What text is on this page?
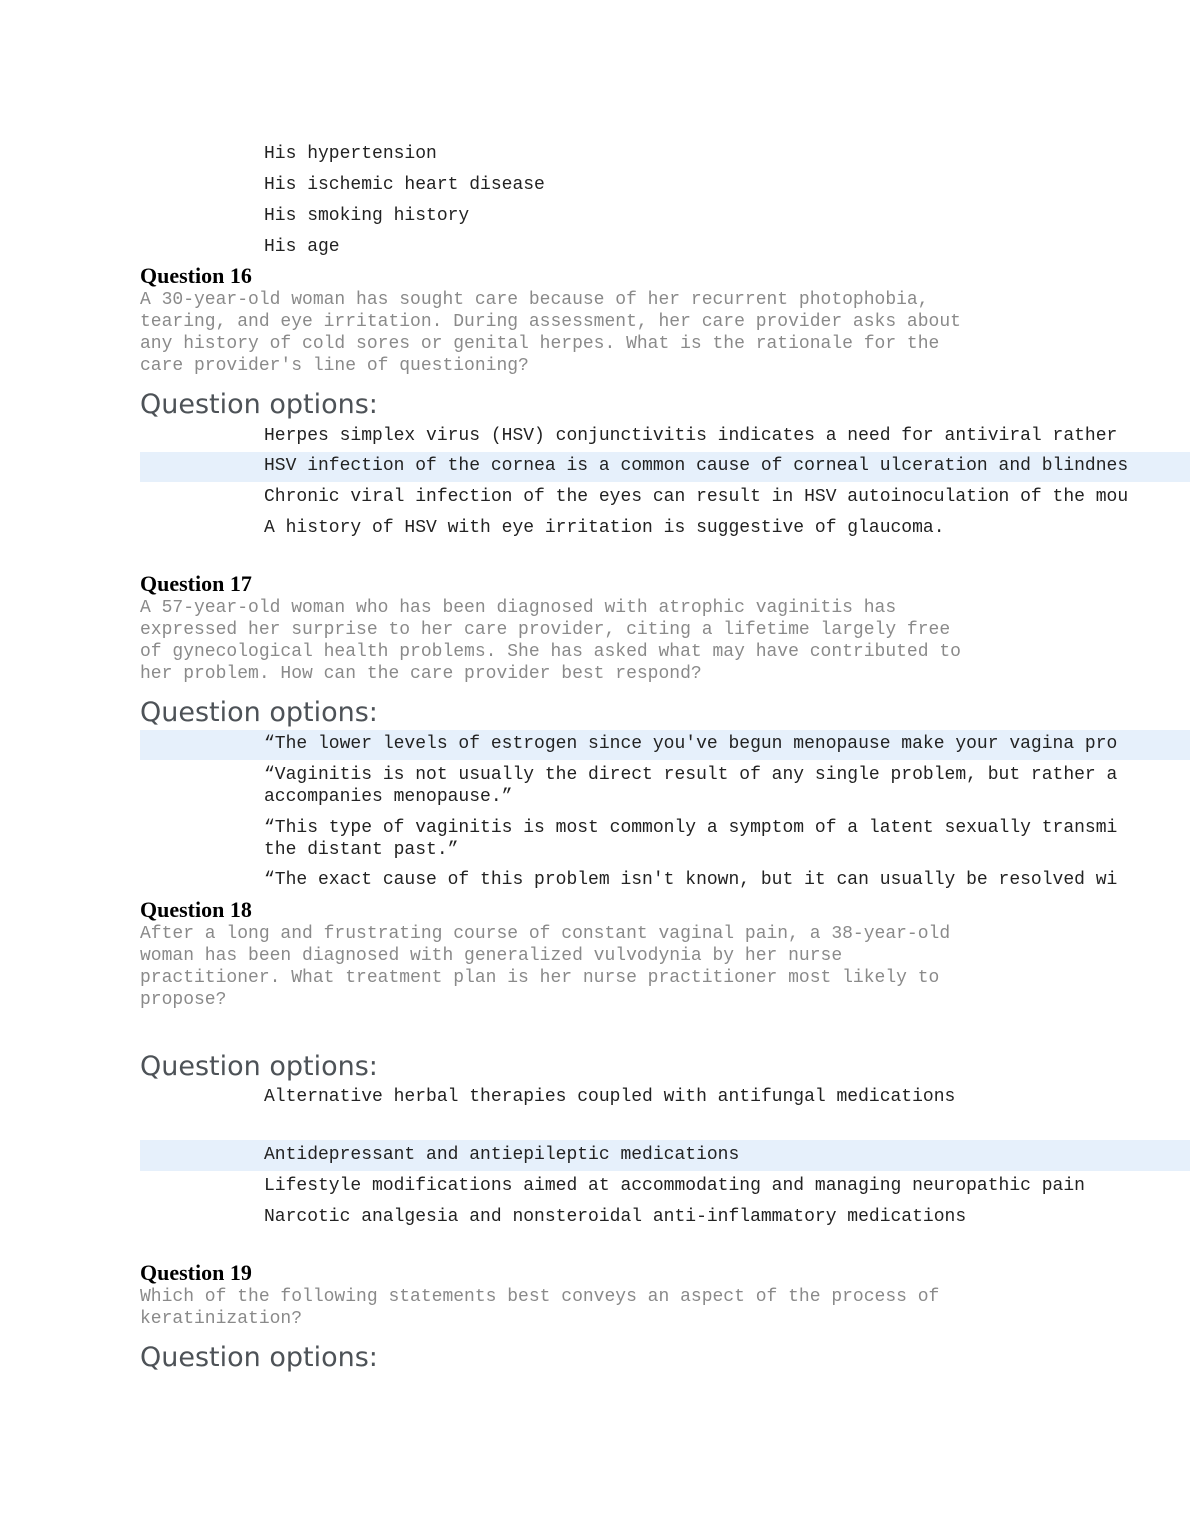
His hypertension
His ischemic heart disease
His smoking history
His age
Question 16
A 30-year-old woman has sought care because of her recurrent photophobia,
tearing, and eye irritation. During assessment, her care provider asks about
any history of cold sores or genital herpes. What is the rationale for the
care provider's line of questioning?
Question options:
Herpes simplex virus (HSV) conjunctivitis indicates a need for antiviral rather
HSV infection of the cornea is a common cause of corneal ulceration and blindnes
Chronic viral infection of the eyes can result in HSV autoinoculation of the mou
A history of HSV with eye irritation is suggestive of glaucoma.
Question 17
A 57-year-old woman who has been diagnosed with atrophic vaginitis has
expressed her surprise to her care provider, citing a lifetime largely free
of gynecological health problems. She has asked what may have contributed to
her problem. How can the care provider best respond?
Question options:
“The lower levels of estrogen since you've begun menopause make your vagina pro
“Vaginitis is not usually the direct result of any single problem, but rather a
accompanies menopause.”
“This type of vaginitis is most commonly a symptom of a latent sexually transmi
the distant past.”
“The exact cause of this problem isn't known, but it can usually be resolved wi
Question 18
After a long and frustrating course of constant vaginal pain, a 38-year-old
woman has been diagnosed with generalized vulvodynia by her nurse
practitioner. What treatment plan is her nurse practitioner most likely to
propose?
Question options:
Alternative herbal therapies coupled with antifungal medications
Antidepressant and antiepileptic medications
Lifestyle modifications aimed at accommodating and managing neuropathic pain
Narcotic analgesia and nonsteroidal anti-inflammatory medications
Question 19
Which of the following statements best conveys an aspect of the process of
keratinization?
Question options:
